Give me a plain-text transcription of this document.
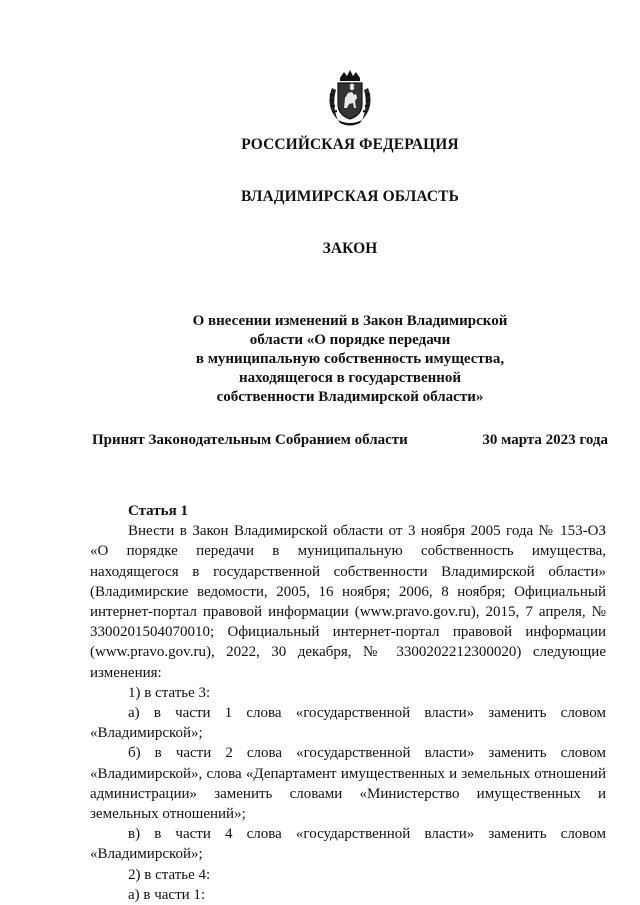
РОССИЙСКАЯ ФЕДЕРАЦИЯ
ВЛАДИМИРСКАЯ ОБЛАСТЬ
ЗАКОН
О внесении изменений в Закон Владимирской
области «О порядке передачи
в муниципальную собственность имущества,
находящегося в государственной
собственности Владимирской области»
Принят Законодательным Собранием области	30 марта 2023 года
Статья 1

Внести в Закон Владимирской области от 3 ноября 2005 года № 153-ОЗ «О порядке передачи в муниципальную собственность имущества, находящегося в государственной собственности Владимирской области» (Владимирские ведомости, 2005, 16 ноября; 2006, 8 ноября; Официальный интернет-портал правовой информации (www.pravo.gov.ru), 2015, 7 апреля, № 3300201504070010; Официальный интернет-портал правовой информации (www.pravo.gov.ru), 2022, 30 декабря, № 3300202212300020) следующие изменения:

1) в статье 3:

а) в части 1 слова «государственной власти» заменить словом «Владимирской»;

б) в части 2 слова «государственной власти» заменить словом «Владимирской», слова «Департамент имущественных и земельных отношений администрации» заменить словами «Министерство имущественных и земельных отношений»;

в) в части 4 слова «государственной власти» заменить словом «Владимирской»;

2) в статье 4:

а) в части 1:
